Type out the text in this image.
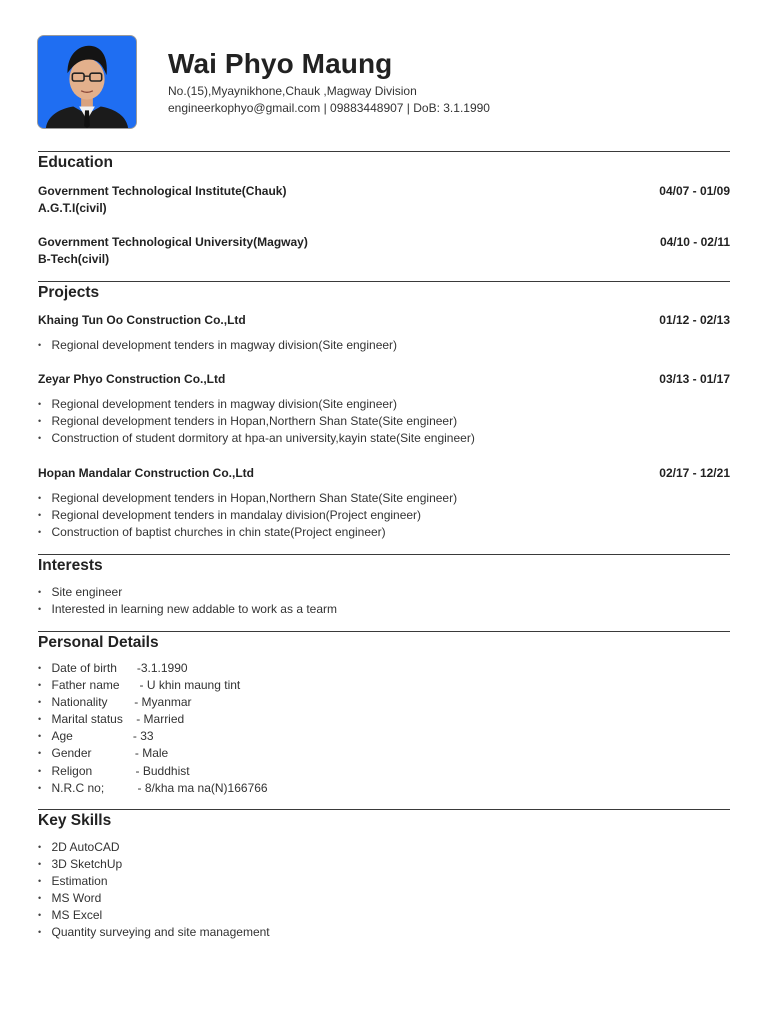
Wai Phyo Maung
No.(15),Myaynikhone,Chauk ,Magway Division
engineerkophyo@gmail.com | 09883448907 | DoB: 3.1.1990
Education
Government Technological Institute(Chauk)	04/07 - 01/09
A.G.T.I(civil)
Government Technological University(Magway)	04/10 - 02/11
B-Tech(civil)
Projects
Khaing Tun Oo Construction Co.,Ltd	01/12 - 02/13
• Regional development tenders in magway division(Site engineer)
Zeyar Phyo Construction Co.,Ltd	03/13 - 01/17
• Regional development tenders in magway division(Site engineer)
• Regional development tenders in Hopan,Northern Shan State(Site engineer)
• Construction of student dormitory at hpa-an university,kayin state(Site engineer)
Hopan Mandalar Construction Co.,Ltd	02/17 - 12/21
• Regional development tenders in Hopan,Northern Shan State(Site engineer)
• Regional development tenders in mandalay division(Project engineer)
• Construction of baptist churches in chin state(Project engineer)
Interests
• Site engineer
• Interested in learning new addable to work as a tearm
Personal Details
• Date of birth      -3.1.1990
• Father name      - U khin maung tint
• Nationality        - Myanmar
• Marital status    - Married
• Age                  - 33
• Gender             - Male
• Religon             - Buddhist
• N.R.C no;          - 8/kha ma na(N)166766
Key Skills
• 2D AutoCAD
• 3D SketchUp
• Estimation
• MS Word
• MS Excel
• Quantity surveying and site management
